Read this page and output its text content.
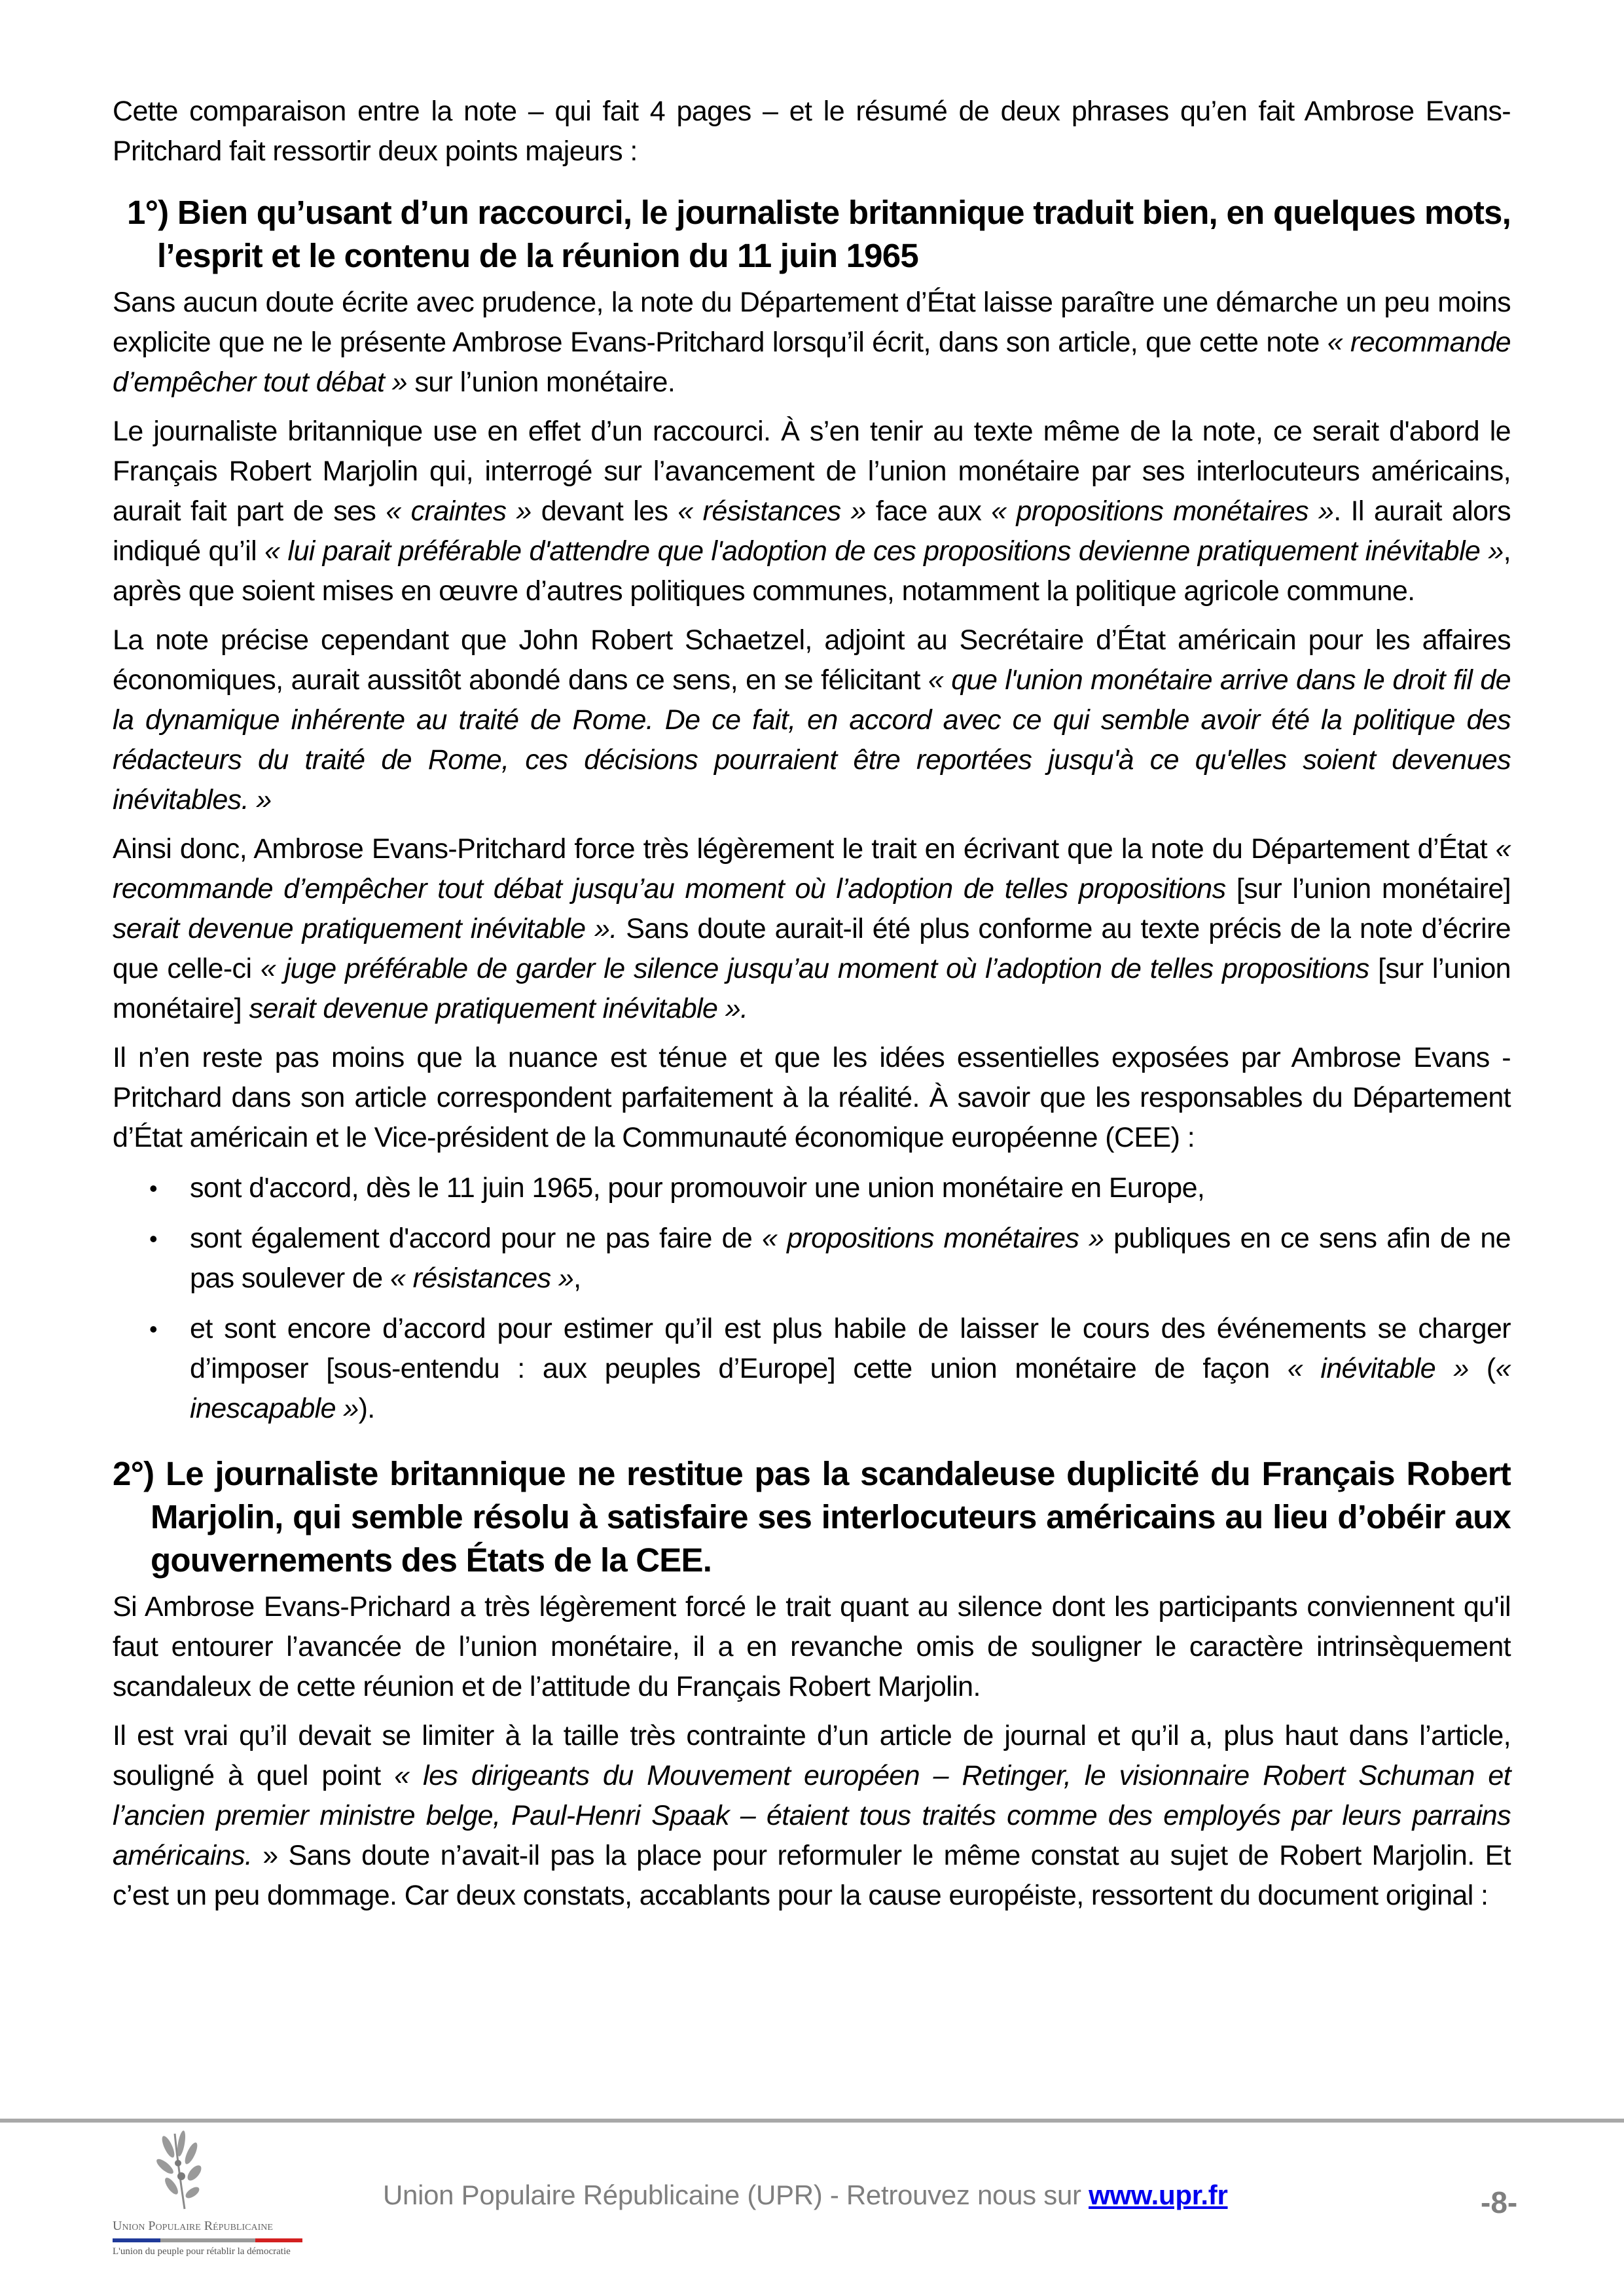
Cette comparaison entre la note – qui fait 4 pages – et le résumé de deux phrases qu’en fait Ambrose Evans-Pritchard fait ressortir deux points majeurs :

1°) Bien qu’usant d’un raccourci, le journaliste britannique traduit bien, en quelques mots, l’esprit et le contenu de la réunion du 11 juin 1965

Sans aucun doute écrite avec prudence, la note du Département d’État laisse paraître une démarche un peu moins explicite que ne le présente Ambrose Evans-Pritchard lorsqu’il écrit, dans son article, que cette note « recommande d’empêcher tout débat » sur l’union monétaire.

Le journaliste britannique use en effet d’un raccourci. À s’en tenir au texte même de la note, ce serait d'abord le Français Robert Marjolin qui, interrogé sur l’avancement de l’union monétaire par ses interlocuteurs américains, aurait fait part de ses « craintes » devant les « résistances » face aux « propositions monétaires ». Il aurait alors indiqué qu’il « lui parait préférable d'attendre que l'adoption de ces propositions devienne pratiquement inévitable », après que soient mises en œuvre d’autres politiques communes, notamment la politique agricole commune.

La note précise cependant que John Robert Schaetzel, adjoint au Secrétaire d’État américain pour les affaires économiques, aurait aussitôt abondé dans ce sens, en se félicitant « que l'union monétaire arrive dans le droit fil de la dynamique inhérente au traité de Rome. De ce fait, en accord avec ce qui semble avoir été la politique des rédacteurs du traité de Rome, ces décisions pourraient être reportées jusqu'à ce qu'elles soient devenues inévitables. »

Ainsi donc, Ambrose Evans-Pritchard force très légèrement le trait en écrivant que la note du Département d’État « recommande d’empêcher tout débat jusqu’au moment où l’adoption de telles propositions [sur l’union monétaire] serait devenue pratiquement inévitable ». Sans doute aurait-il été plus conforme au texte précis de la note d’écrire que celle-ci « juge préférable de garder le silence jusqu’au moment où l’adoption de telles propositions [sur l’union monétaire] serait devenue pratiquement inévitable ».

Il n’en reste pas moins que la nuance est ténue et que les idées essentielles exposées par Ambrose Evans -Pritchard dans son article correspondent parfaitement à la réalité. À savoir que les responsables du Département d’État américain et le Vice-président de la Communauté économique européenne (CEE) :

• sont d'accord, dès le 11 juin 1965, pour promouvoir une union monétaire en Europe,
• sont également d'accord pour ne pas faire de « propositions monétaires » publiques en ce sens afin de ne pas soulever de « résistances »,
• et sont encore d’accord pour estimer qu’il est plus habile de laisser le cours des événements se charger d’imposer [sous-entendu : aux peuples d’Europe] cette union monétaire de façon « inévitable » (« inescapable »).
2°) Le journaliste britannique ne restitue pas la scandaleuse duplicité du Français Robert Marjolin, qui semble résolu à satisfaire ses interlocuteurs américains au lieu d’obéir aux gouvernements des États de la CEE.

Si Ambrose Evans-Prichard a très légèrement forcé le trait quant au silence dont les participants conviennent qu'il faut entourer l’avancée de l’union monétaire, il a en revanche omis de souligner le caractère intrinsèquement scandaleux de cette réunion et de l’attitude du Français Robert Marjolin.

Il est vrai qu’il devait se limiter à la taille très contrainte d’un article de journal et qu’il a, plus haut dans l’article, souligné à quel point « les dirigeants du Mouvement européen – Retinger, le visionnaire Robert Schuman et l’ancien premier ministre belge, Paul-Henri Spaak – étaient tous traités comme des employés par leurs parrains américains. » Sans doute n’avait-il pas la place pour reformuler le même constat au sujet de Robert Marjolin. Et c’est un peu dommage. Car deux constats, accablants pour la cause européiste, ressortent du document original :

Union Populaire Républicaine
L'union du peuple pour rétablir la démocratie
Union Populaire Républicaine (UPR) - Retrouvez nous sur www.upr.fr	-8-
